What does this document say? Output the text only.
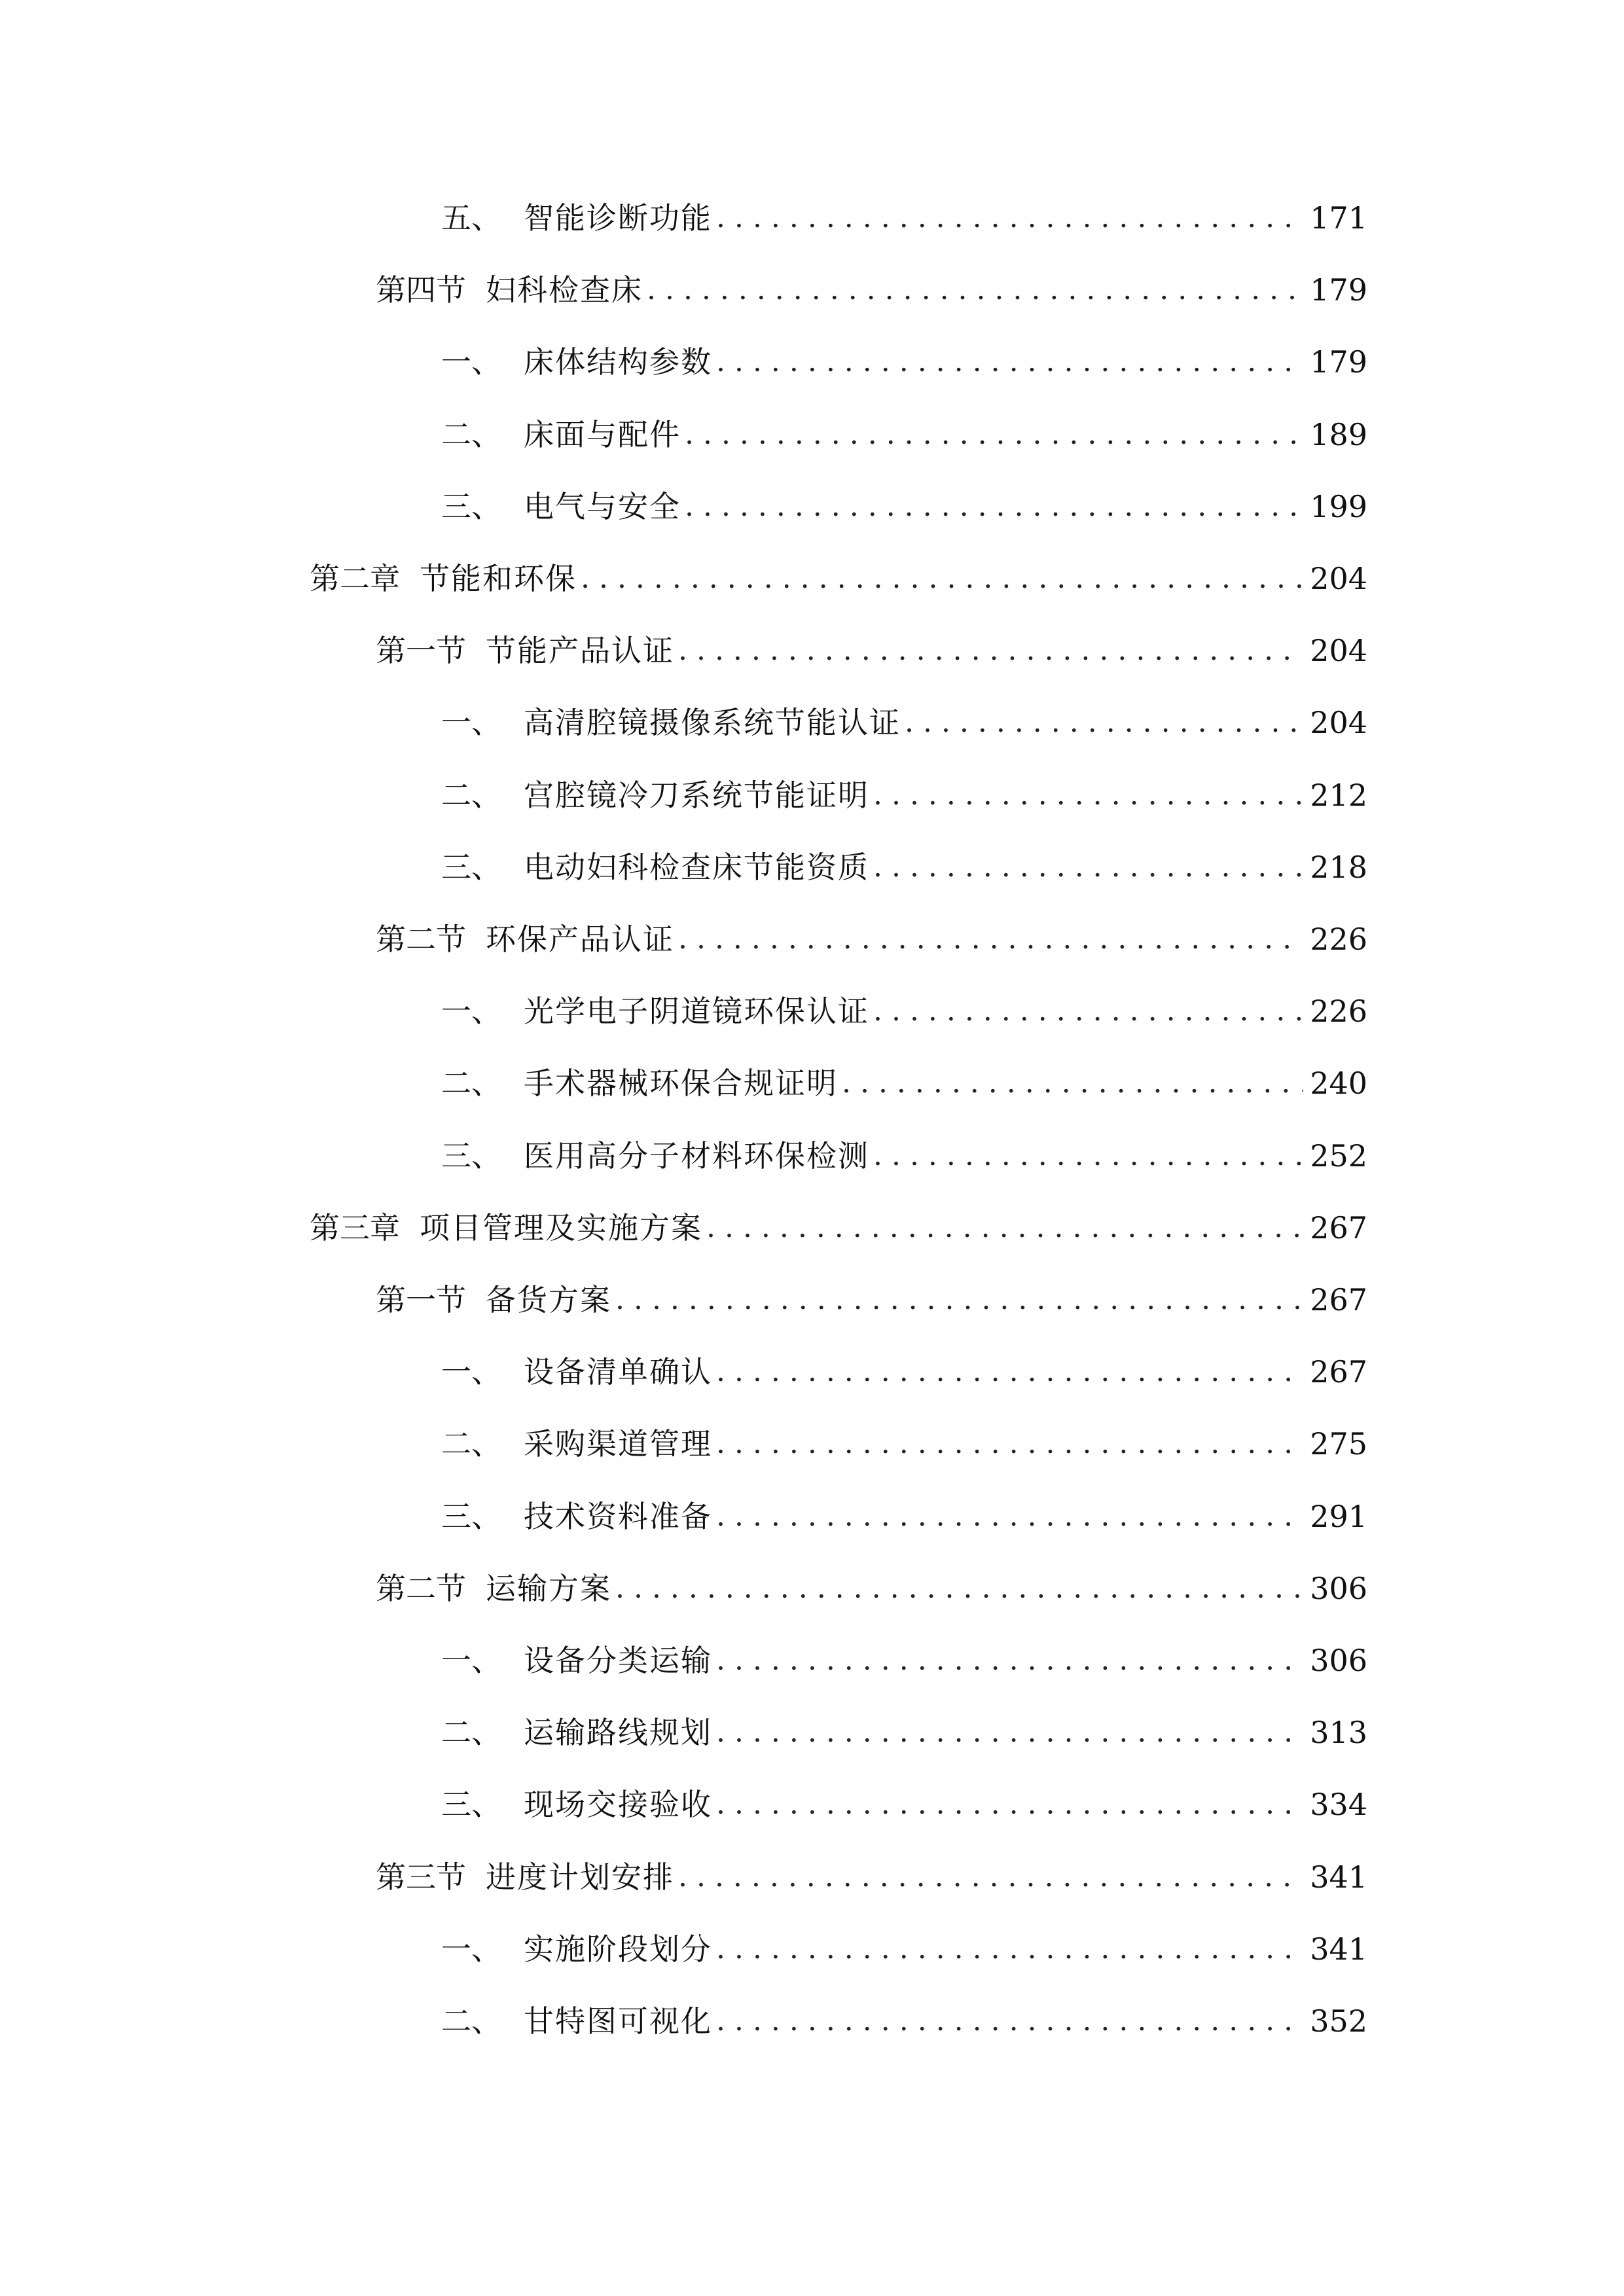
五、 智能诊断功能 . . .	171
第四节 妇科检查床 . . .	179
一、 床体结构参数 . . .	179
二、 床面与配件 . . .	189
三、 电气与安全 . . .	199
第二章 节能和环保 . . .	204
第一节 节能产品认证 . . .	204
一、 高清腔镜摄像系统节能认证 . . .	204
二、 宫腔镜冷刀系统节能证明 . . .	212
三、 电动妇科检查床节能资质 . . .	218
第二节 环保产品认证 . . .	226
一、 光学电子阴道镜环保认证 . . .	226
二、 手术器械环保合规证明 . . .	240
三、 医用高分子材料环保检测 . . .	252
第三章 项目管理及实施方案 . . .	267
第一节 备货方案 . . .	267
一、 设备清单确认 . . .	267
二、 采购渠道管理 . . .	275
三、 技术资料准备 . . .	291
第二节 运输方案 . . .	306
一、 设备分类运输 . . .	306
二、 运输路线规划 . . .	313
三、 现场交接验收 . . .	334
第三节 进度计划安排 . . .	341
一、 实施阶段划分 . . .	341
二、 甘特图可视化 . . .	352
